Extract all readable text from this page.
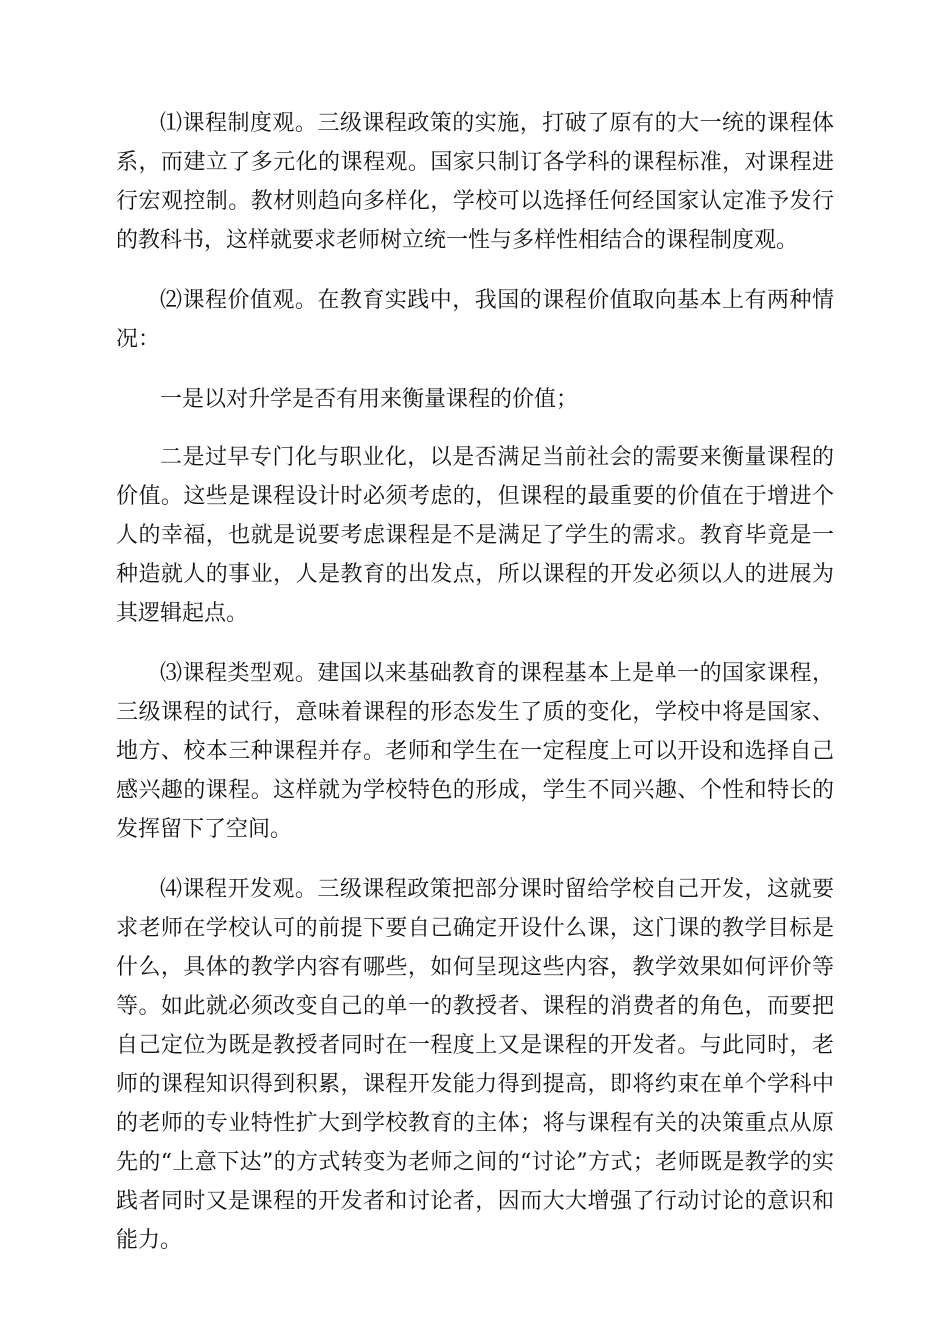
⑴课程制度观。三级课程政策的实施，打破了原有的大一统的课程体系，而建立了多元化的课程观。国家只制订各学科的课程标准，对课程进行宏观控制。教材则趋向多样化，学校可以选择任何经国家认定准予发行的教科书，这样就要求老师树立统一性与多样性相结合的课程制度观。

⑵课程价值观。在教育实践中，我国的课程价值取向基本上有两种情况：

一是以对升学是否有用来衡量课程的价值；

二是过早专门化与职业化，以是否满足当前社会的需要来衡量课程的价值。这些是课程设计时必须考虑的，但课程的最重要的价值在于增进个人的幸福，也就是说要考虑课程是不是满足了学生的需求。教育毕竟是一种造就人的事业，人是教育的出发点，所以课程的开发必须以人的进展为其逻辑起点。

⑶课程类型观。建国以来基础教育的课程基本上是单一的国家课程，三级课程的试行，意味着课程的形态发生了质的变化，学校中将是国家、地方、校本三种课程并存。老师和学生在一定程度上可以开设和选择自己感兴趣的课程。这样就为学校特色的形成，学生不同兴趣、个性和特长的发挥留下了空间。

⑷课程开发观。三级课程政策把部分课时留给学校自己开发，这就要求老师在学校认可的前提下要自己确定开设什么课，这门课的教学目标是什么，具体的教学内容有哪些，如何呈现这些内容，教学效果如何评价等等。如此就必须改变自己的单一的教授者、课程的消费者的角色，而要把自己定位为既是教授者同时在一程度上又是课程的开发者。与此同时，老师的课程知识得到积累，课程开发能力得到提高，即将约束在单个学科中的老师的专业特性扩大到学校教育的主体；将与课程有关的决策重点从原先的“上意下达”的方式转变为老师之间的“讨论”方式；老师既是教学的实践者同时又是课程的开发者和讨论者，因而大大增强了行动讨论的意识和能力。
